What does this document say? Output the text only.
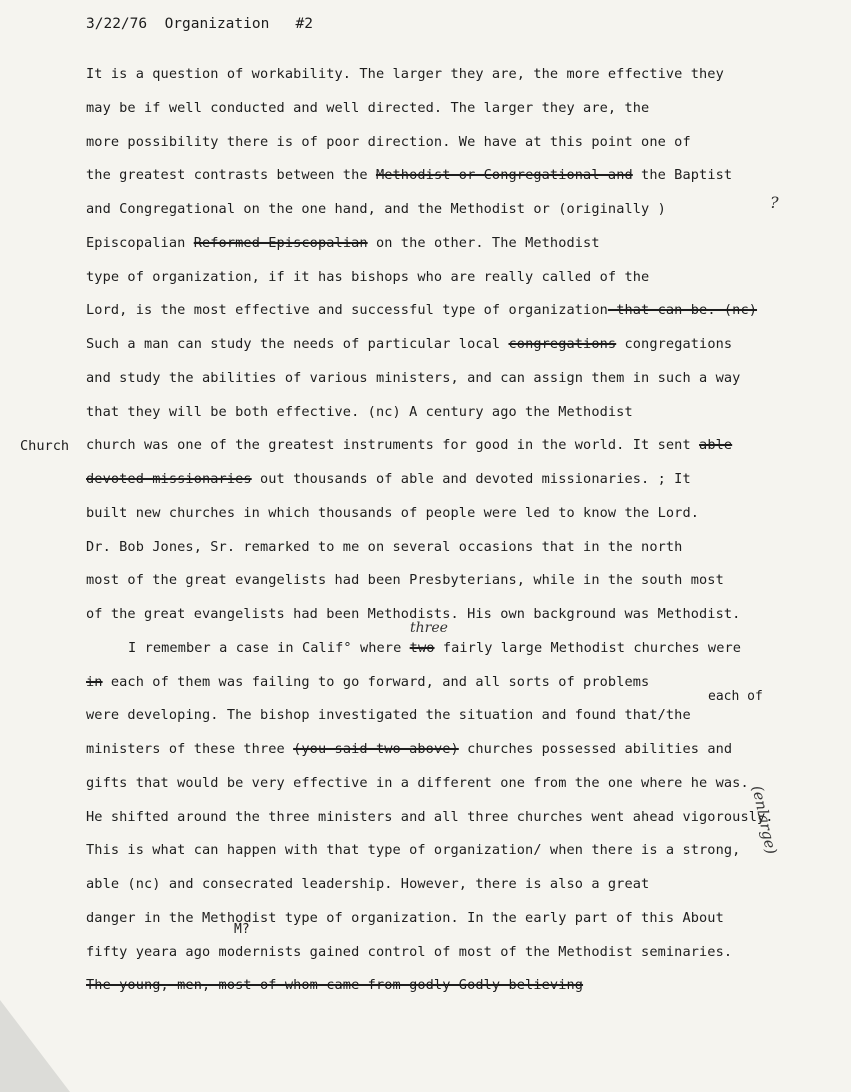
3/22/76 Organization #2
It is a question of workability. The larger they are, the more effective they
may be if well conducted and well directed. The larger they are, the
more possibility there is of poor direction. We have at this point one of
the greatest contrasts between the Methodist or Congregational and the Baptist
and Congregational on the one hand, and the Methodist or (originally )
Episcopalian Reformed Episcopalian on the other. The Methodist
type of organization, if it has bishops who are really called of the
Lord, is the most effective and successful type of organization that can be. (nc)
Such a man can study the needs of particular local congregations congregations
and study the abilities of various ministers, and can assign them in such a way
that they will be both effective. (nc) A century ago the Methodist
church was one of the greatest instruments for good in the world. It sent able
devoted missionaries out thousands of able and devoted missionaries. ; It
built new churches in which thousands of people were led to know the Lord.
Dr. Bob Jones, Sr. remarked to me on several occasions that in the north
most of the great evangelists had been Presbyterians, while in the south most
of the great evangelists had been Methodists. His own background was Methodist.
I remember a case in Calif° where two fairly large Methodist churches were
in each of them was failing to go forward, and all sorts of problems
were developing. The bishop investigated the situation and found that/the
ministers of these three (you said two above) churches possessed abilities and
gifts that would be very effective in a different one from the one where he was.
He shifted around the three ministers and all three churches went ahead vigorously.
This is what can happen with that type of organization/ when there is a strong,
able (nc) and consecrated leadership. However, there is also a great
danger in the Methodist type of organization. In the early part of this About
fifty yeara ago modernists gained control of most of the Methodist seminaries.
The young, men, most of whom came from godly Godly believing
Church
each of
M?
three
(enlarge)
?
